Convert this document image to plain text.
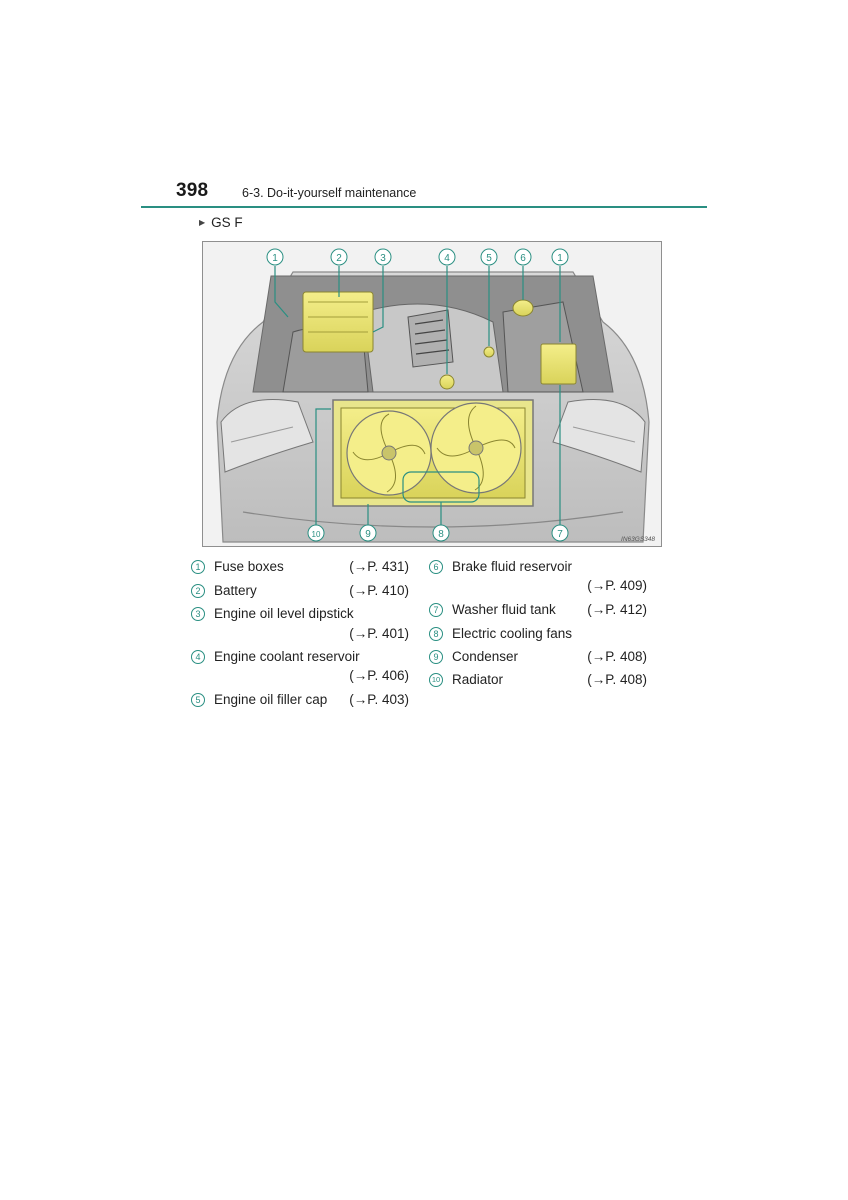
398	6-3. Do-it-yourself maintenance
▶ GS F
1	2	3	4	5	6	1
10	9	8	7	IN63GS348
1	Fuse boxes	(→P. 431)
2	Battery	(→P. 410)
3	Engine oil level dipstick
(→P. 401)
4	Engine coolant reservoir
(→P. 406)
5	Engine oil filler cap (→P. 403)
6	Brake fluid reservoir
(→P. 409)
7	Washer fluid tank (→P. 412)
8	Electric cooling fans
9	Condenser	(→P. 408)
10 Radiator	(→P. 408)
